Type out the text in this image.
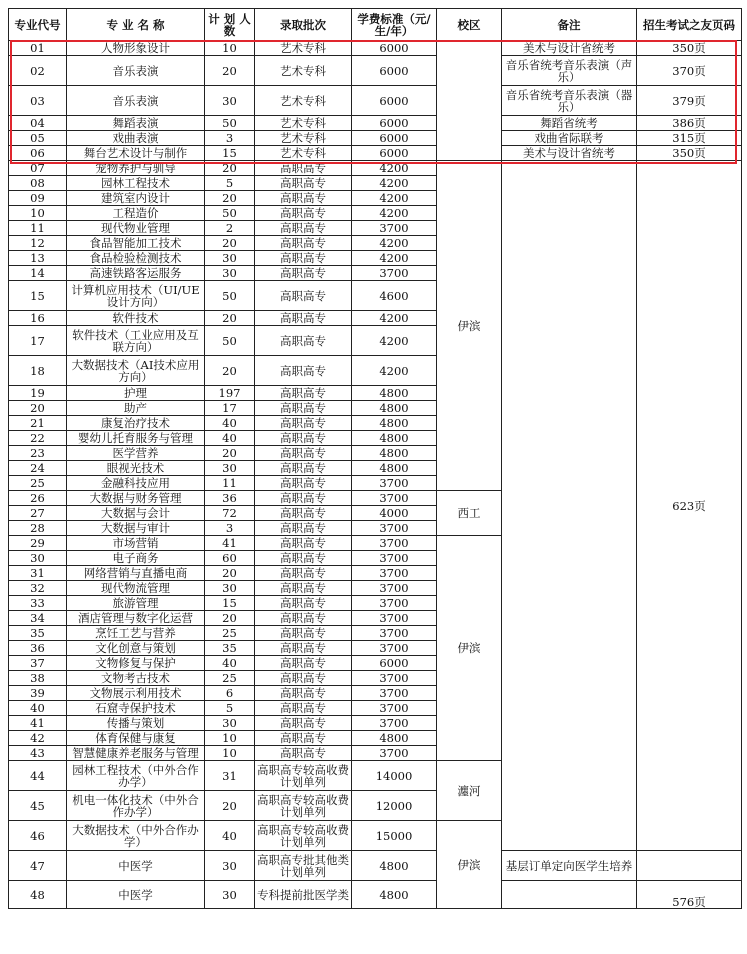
专业代号	专 业 名 称	计 划 人 数	录取批次	学费标准（元/生/年）	校区	备注	招生考试之友页码
01	人物形象设计	10	艺术专科	6000		美术与设计省统考	350页
02	音乐表演	20	艺术专科	6000		音乐省统考音乐表演（声乐）	370页
03	音乐表演	30	艺术专科	6000		音乐省统考音乐表演（器乐）	379页
04	舞蹈表演	50	艺术专科	6000		舞蹈省统考	386页
05	戏曲表演	3	艺术专科	6000		戏曲省际联考	315页
06	舞台艺术设计与制作	15	艺术专科	6000		美术与设计省统考	350页
07	宠物养护与驯导	20	高职高专	4200	伊滨		623页
08	园林工程技术	5	高职高专	4200			
09	建筑室内设计	20	高职高专	4200			
10	工程造价	50	高职高专	4200			
11	现代物业管理	2	高职高专	3700			
12	食品智能加工技术	20	高职高专	4200			
13	食品检验检测技术	30	高职高专	4200			
14	高速铁路客运服务	30	高职高专	3700			
15	计算机应用技术（UI/UE设计方向）	50	高职高专	4600			
16	软件技术	20	高职高专	4200			
17	软件技术（工业应用及互联方向）	50	高职高专	4200			
18	大数据技术（AI技术应用方向）	20	高职高专	4200			
19	护理	197	高职高专	4800			
20	助产	17	高职高专	4800			
21	康复治疗技术	40	高职高专	4800			
22	婴幼儿托育服务与管理	40	高职高专	4800			
23	医学营养	20	高职高专	4800			
24	眼视光技术	30	高职高专	4800			
25	金融科技应用	11	高职高专	3700			
26	大数据与财务管理	36	高职高专	3700	西工		
27	大数据与会计	72	高职高专	4000			
28	大数据与审计	3	高职高专	3700			
29	市场营销	41	高职高专	3700	伊滨		
30	电子商务	60	高职高专	3700			
31	网络营销与直播电商	20	高职高专	3700			
32	现代物流管理	30	高职高专	3700			
33	旅游管理	15	高职高专	3700			
34	酒店管理与数字化运营	20	高职高专	3700			
35	烹饪工艺与营养	25	高职高专	3700			
36	文化创意与策划	35	高职高专	3700			
37	文物修复与保护	40	高职高专	6000			
38	文物考古技术	25	高职高专	3700			
39	文物展示利用技术	6	高职高专	3700			
40	石窟寺保护技术	5	高职高专	3700			
41	传播与策划	30	高职高专	3700			
42	体育保健与康复	10	高职高专	4800			
43	智慧健康养老服务与管理	10	高职高专	3700			
44	园林工程技术（中外合作办学）	31	高职高专较高收费计划单列	14000	瀍河		
45	机电一体化技术（中外合作办学）	20	高职高专较高收费计划单列	12000			
46	大数据技术（中外合作办学）	40	高职高专较高收费计划单列	15000	伊滨		
47	中医学	30	高职高专批其他类计划单列	4800		基层订单定向医学生培养	
48	中医学	30	专科提前批医学类	4800			576页
